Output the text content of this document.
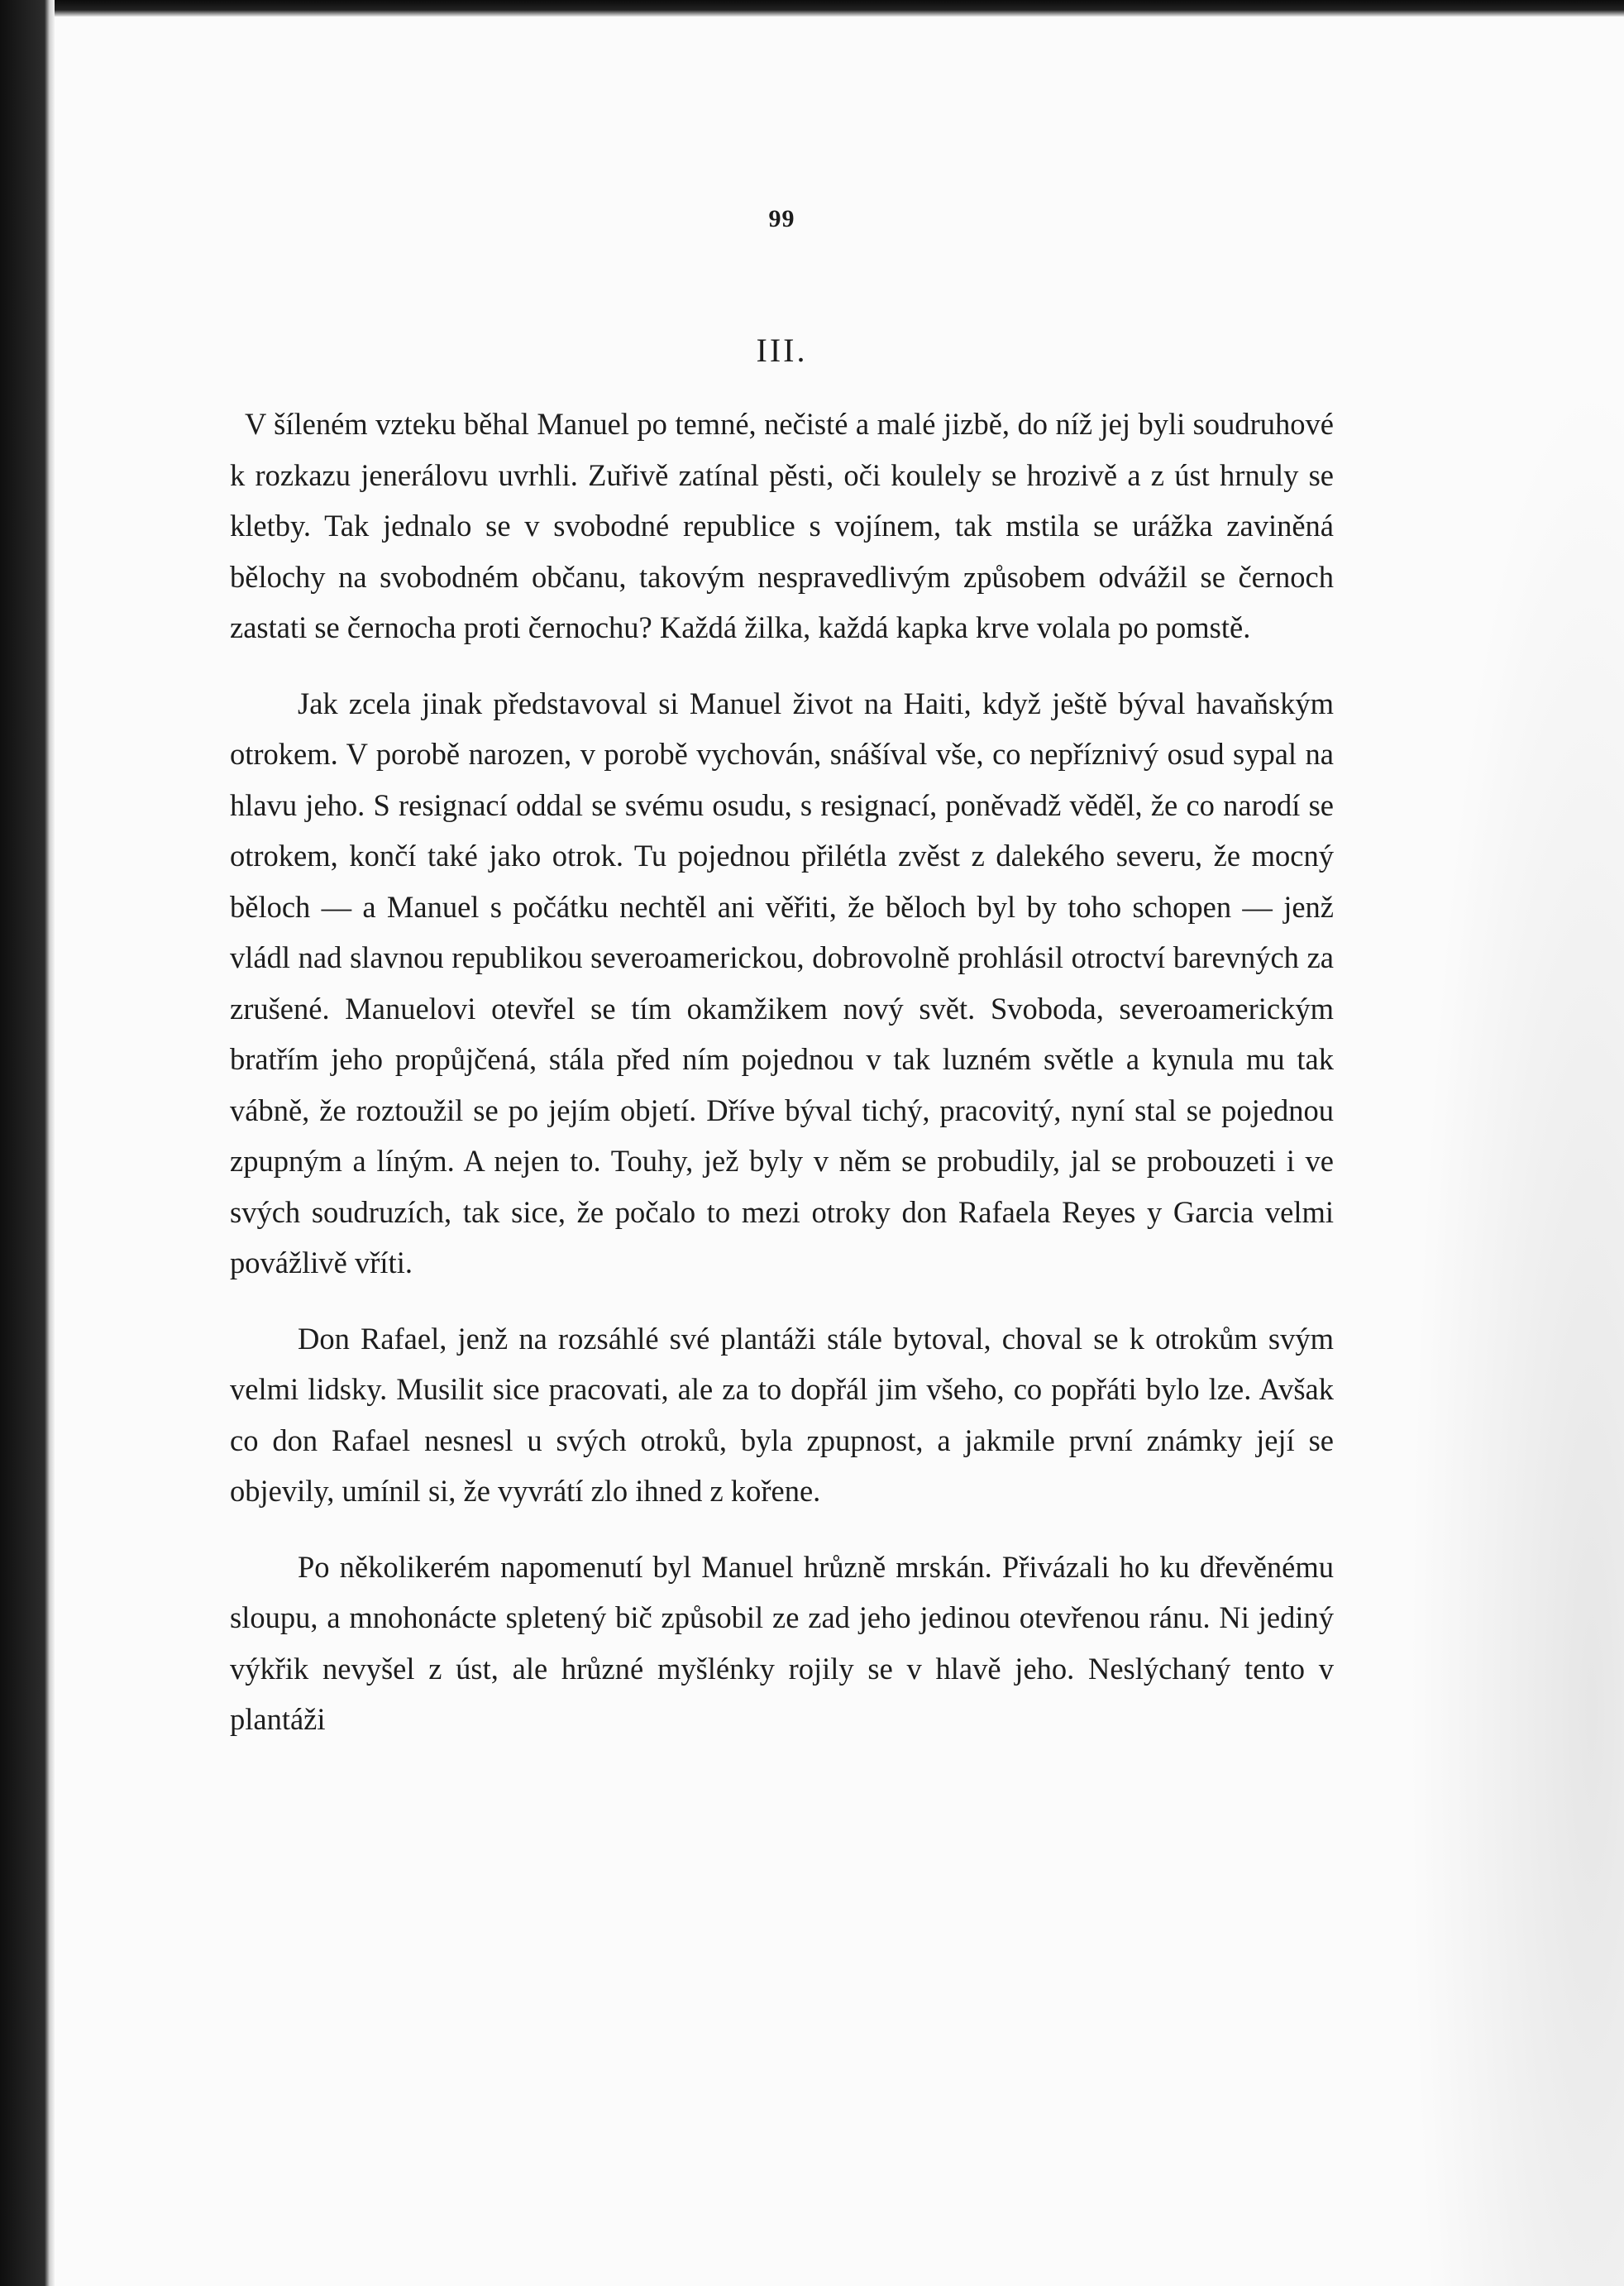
99
III.

V šíleném vzteku běhal Manuel po temné, nečisté a malé jizbě, do níž jej byli soudruhové k rozkazu jenerálovu uvrhli. Zuřivě zatínal pěsti, oči koulely se hrozivě a z úst hrnuly se kletby. Tak jednalo se v svobodné republice s vojínem, tak mstila se urážka zaviněná bělochy na svobodném občanu, takovým nespravedlivým způsobem odvážil se černoch zastati se černocha proti černochu? Každá žilka, každá kapka krve volala po pomstě.

Jak zcela jinak představoval si Manuel život na Haiti, když ještě býval havaňským otrokem. V porobě narozen, v porobě vychován, snášíval vše, co nepříznivý osud sypal na hlavu jeho. S resignací oddal se svému osudu, s resignací, poněvadž věděl, že co narodí se otrokem, končí také jako otrok. Tu pojednou přilétla zvěst z dalekého severu, že mocný běloch — a Manuel s počátku nechtěl ani věřiti, že běloch byl by toho schopen — jenž vládl nad slavnou republikou severoamerickou, dobrovolně prohlásil otroctví barevných za zrušené. Manuelovi otevřel se tím okamžikem nový svět. Svoboda, severoamerickým bratřím jeho propůjčená, stála před ním pojednou v tak luzném světle a kynula mu tak vábně, že roztoužil se po jejím objetí. Dříve býval tichý, pracovitý, nyní stal se pojednou zpupným a líným. A nejen to. Touhy, jež byly v něm se probudily, jal se probouzeti i ve svých soudruzích, tak sice, že počalo to mezi otroky don Rafaela Reyes y Garcia velmi povážlivě vříti.

Don Rafael, jenž na rozsáhlé své plantáži stále bytoval, choval se k otrokům svým velmi lidsky. Musilit sice pracovati, ale za to dopřál jim všeho, co popřáti bylo lze. Avšak co don Rafael nesnesl u svých otroků, byla zpupnost, a jakmile první známky její se objevily, umínil si, že vyvrátí zlo ihned z kořene.

Po několikerém napomenutí byl Manuel hrůzně mrskán. Přivázali ho ku dřevěnému sloupu, a mnohonácte spletený bič způsobil ze zad jeho jedinou otevřenou ránu. Ni jediný výkřik nevyšel z úst, ale hrůzné myšlénky rojily se v hlavě jeho. Neslýchaný tento v plantáži
